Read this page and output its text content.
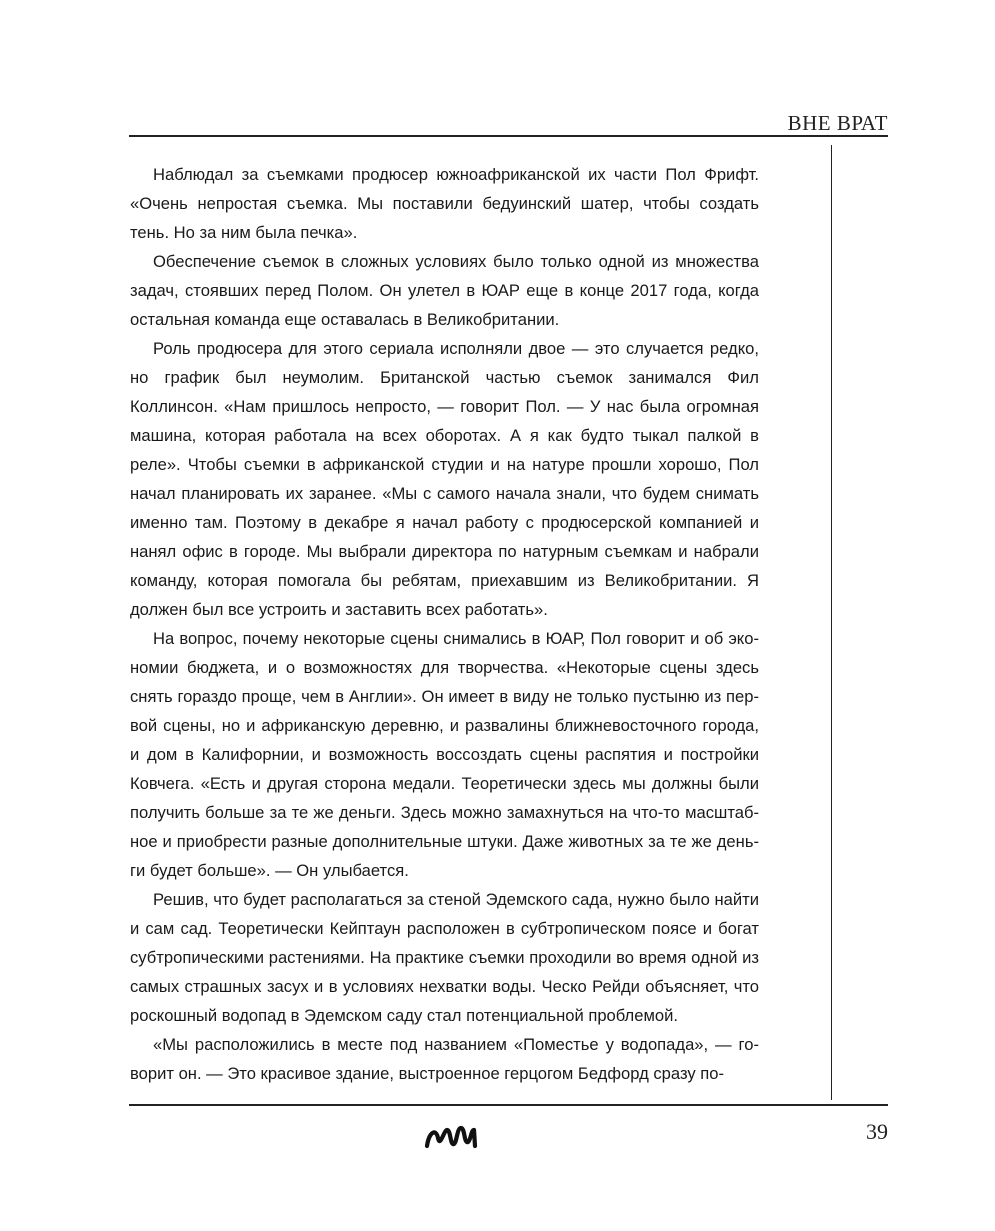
ВНЕ ВРАТ

Наблюдал за съемками продюсер южноафриканской их части Пол Фрифт. «Очень непростая съемка. Мы поставили бедуинский шатер, чтобы создать тень. Но за ним была печка».

Обеспечение съемок в сложных условиях было только одной из множества задач, стоявших перед Полом. Он улетел в ЮАР еще в конце 2017 года, когда остальная команда еще оставалась в Великобритании.

Роль продюсера для этого сериала исполняли двое — это случается редко, но график был неумолим. Британской частью съемок занимался Фил Коллинсон. «Нам пришлось непросто, — говорит Пол. — У нас была огромная машина, которая работала на всех оборотах. А я как будто тыкал палкой в реле». Чтобы съемки в африканской студии и на натуре прошли хорошо, Пол начал планировать их заранее. «Мы с самого начала знали, что будем снимать именно там. Поэтому в декабре я начал работу с продюсерской компанией и нанял офис в городе. Мы выбрали директора по натурным съемкам и набрали команду, которая помогала бы ребятам, приехавшим из Великобритании. Я должен был все устроить и заставить всех работать».

На вопрос, почему некоторые сцены снимались в ЮАР, Пол говорит и об экономии бюджета, и о возможностях для творчества. «Некоторые сцены здесь снять гораздо проще, чем в Англии». Он имеет в виду не только пустыню из первой сцены, но и африканскую деревню, и развалины ближневосточного города, и дом в Калифорнии, и возможность воссоздать сцены распятия и постройки Ковчега. «Есть и другая сторона медали. Теоретически здесь мы должны были получить больше за те же деньги. Здесь можно замахнуться на что-то масштабное и приобрести разные дополнительные штуки. Даже животных за те же деньги будет больше». — Он улыбается.

Решив, что будет располагаться за стеной Эдемского сада, нужно было найти и сам сад. Теоретически Кейптаун расположен в субтропическом поясе и богат субтропическими растениями. На практике съемки проходили во время одной из самых страшных засух и в условиях нехватки воды. Ческо Рейди объясняет, что роскошный водопад в Эдемском саду стал потенциальной проблемой.

«Мы расположились в месте под названием «Поместье у водопада», — говорит он. — Это красивое здание, выстроенное герцогом Бедфорд сразу по-

39
